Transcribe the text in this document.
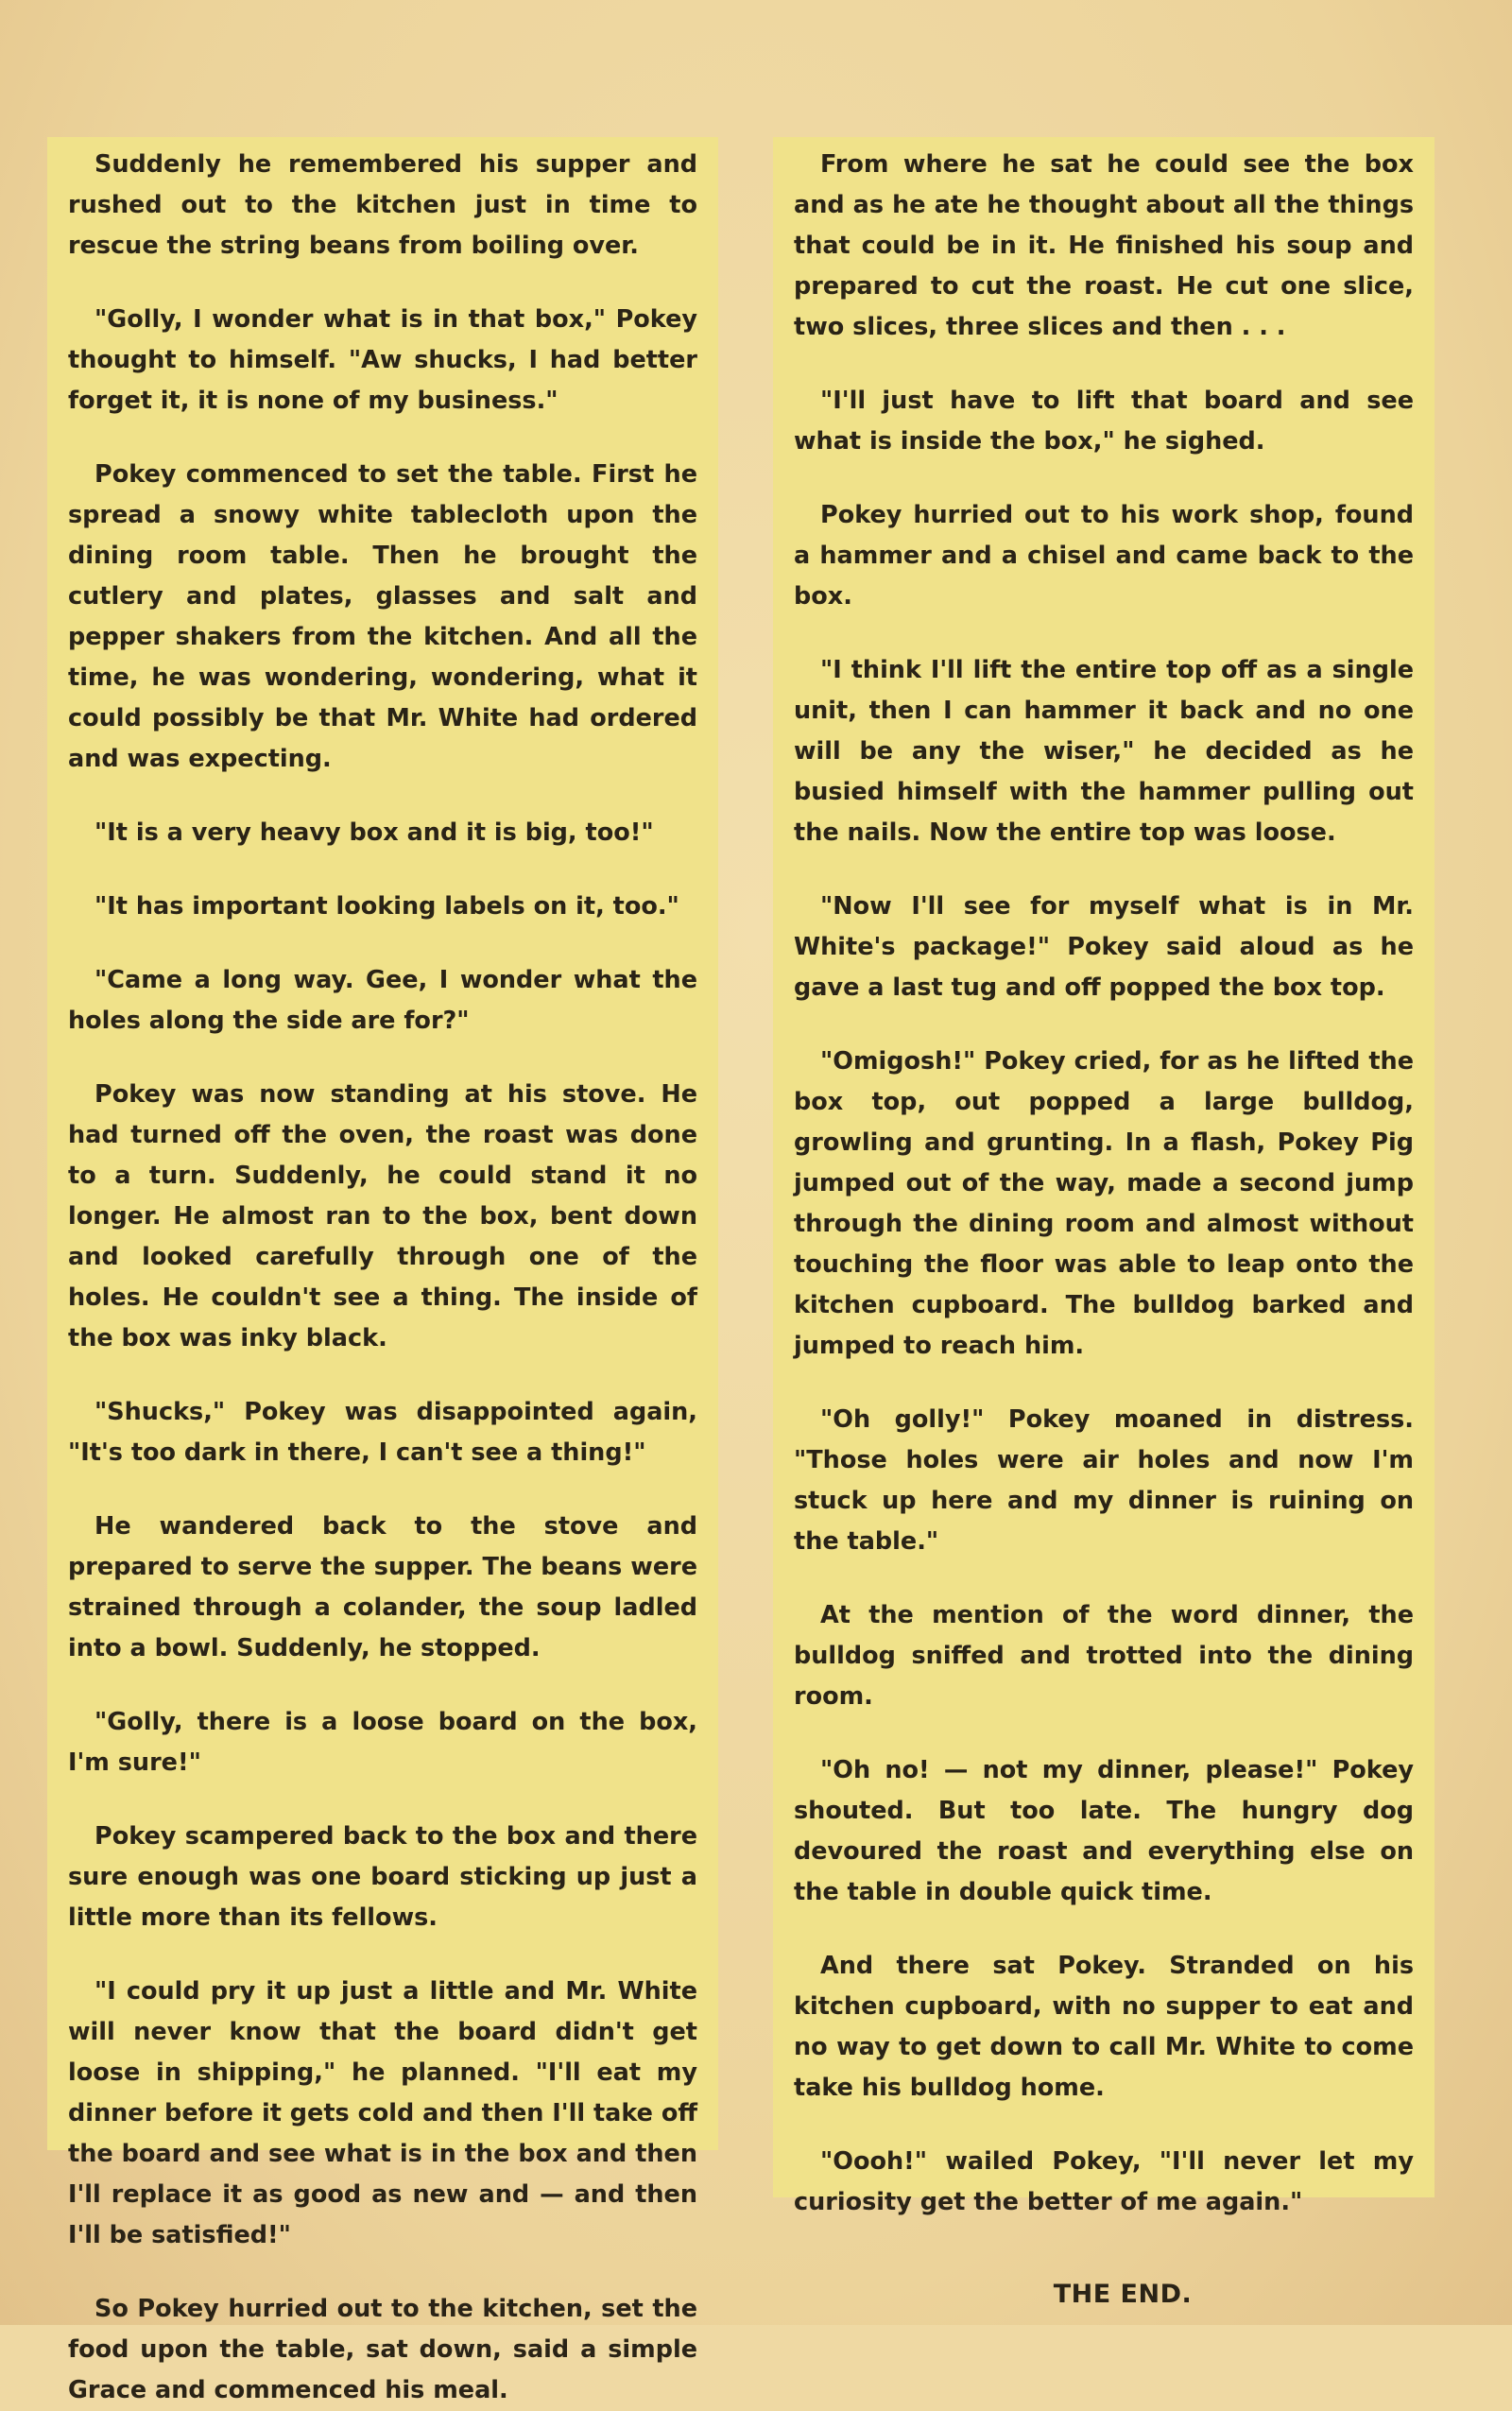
Suddenly he remembered his supper and rushed out to the kitchen just in time to rescue the string beans from boiling over.

"Golly, I wonder what is in that box," Pokey thought to himself. "Aw shucks, I had better forget it, it is none of my business."

Pokey commenced to set the table. First he spread a snowy white tablecloth upon the dining room table. Then he brought the cutlery and plates, glasses and salt and pepper shakers from the kitchen. And all the time, he was wondering, wondering, what it could possibly be that Mr. White had ordered and was expecting.

"It is a very heavy box and it is big, too!"

"It has important looking labels on it, too."

"Came a long way. Gee, I wonder what the holes along the side are for?"

Pokey was now standing at his stove. He had turned off the oven, the roast was done to a turn. Suddenly, he could stand it no longer. He almost ran to the box, bent down and looked carefully through one of the holes. He couldn't see a thing. The inside of the box was inky black.

"Shucks," Pokey was disappointed again, "It's too dark in there, I can't see a thing!"

He wandered back to the stove and prepared to serve the supper. The beans were strained through a colander, the soup ladled into a bowl. Suddenly, he stopped.

"Golly, there is a loose board on the box, I'm sure!"

Pokey scampered back to the box and there sure enough was one board sticking up just a little more than its fellows.

"I could pry it up just a little and Mr. White will never know that the board didn't get loose in shipping," he planned. "I'll eat my dinner before it gets cold and then I'll take off the board and see what is in the box and then I'll replace it as good as new and — and then I'll be satisfied!"

So Pokey hurried out to the kitchen, set the food upon the table, sat down, said a simple Grace and commenced his meal.

From where he sat he could see the box and as he ate he thought about all the things that could be in it. He finished his soup and prepared to cut the roast. He cut one slice, two slices, three slices and then . . .

"I'll just have to lift that board and see what is inside the box," he sighed.

Pokey hurried out to his work shop, found a hammer and a chisel and came back to the box.

"I think I'll lift the entire top off as a single unit, then I can hammer it back and no one will be any the wiser," he decided as he busied himself with the hammer pulling out the nails. Now the entire top was loose.

"Now I'll see for myself what is in Mr. White's package!" Pokey said aloud as he gave a last tug and off popped the box top.

"Omigosh!" Pokey cried, for as he lifted the box top, out popped a large bulldog, growling and grunting. In a flash, Pokey Pig jumped out of the way, made a second jump through the dining room and almost without touching the floor was able to leap onto the kitchen cupboard. The bulldog barked and jumped to reach him.

"Oh golly!" Pokey moaned in distress. "Those holes were air holes and now I'm stuck up here and my dinner is ruining on the table."

At the mention of the word dinner, the bulldog sniffed and trotted into the dining room.

"Oh no! — not my dinner, please!" Pokey shouted. But too late. The hungry dog devoured the roast and everything else on the table in double quick time.

And there sat Pokey. Stranded on his kitchen cupboard, with no supper to eat and no way to get down to call Mr. White to come take his bulldog home.

"Oooh!" wailed Pokey, "I'll never let my curiosity get the better of me again."

THE END.
